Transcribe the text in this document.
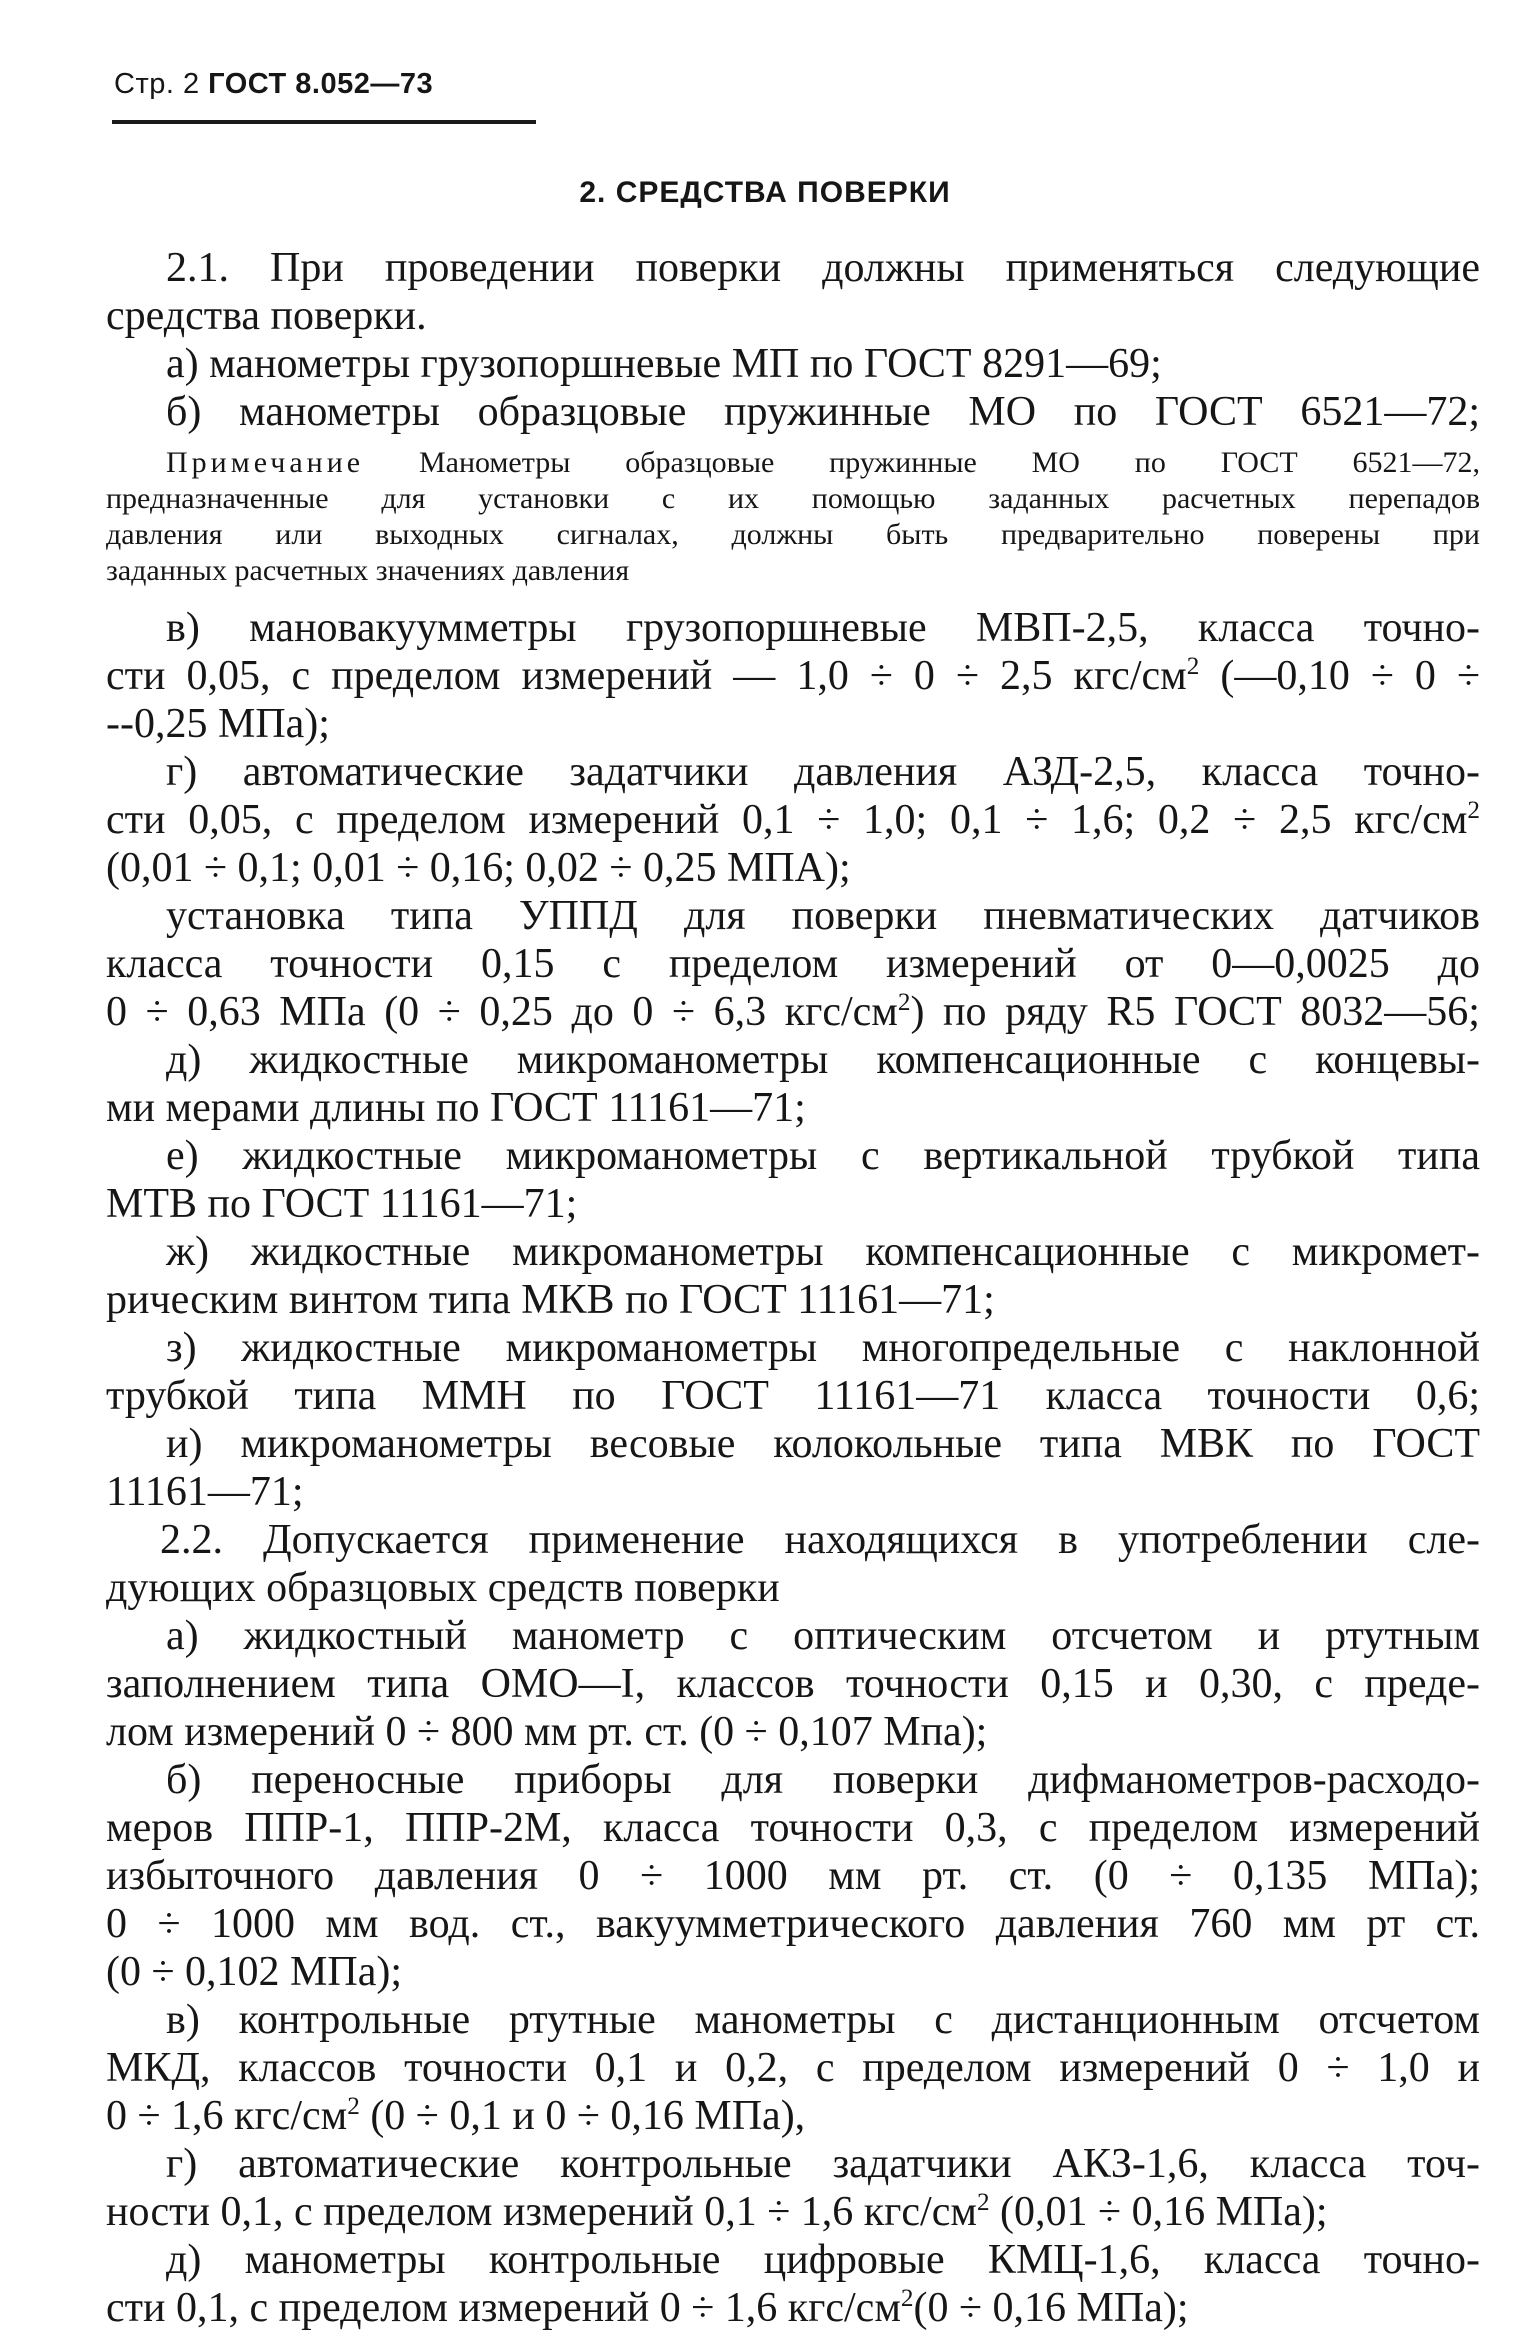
Стр. 2 ГОСТ 8.052—73
2. СРЕДСТВА ПОВЕРКИ

2.1. При проведении поверки должны применяться следующие

средства поверки.

а) манометры грузопоршневые МП по ГОСТ 8291—69;

б) манометры образцовые пружинные МО по ГОСТ 6521—72;

Примечание Манометры образцовые пружинные МО по ГОСТ 6521—72,

предназначенные для установки с их помощью заданных расчетных перепадов

давления или выходных сигналах, должны быть предварительно поверены при

заданных расчетных значениях давления

в) мановакуумметры грузопоршневые МВП-2,5, класса точно-

сти 0,05, с пределом измерений — 1,0 ÷ 0 ÷ 2,5 кгс/$см^2$ (—0,10 ÷ 0 ÷

--0,25 МПа);

г) автоматические задатчики давления АЗД-2,5, класса точно-

сти 0,05, с пределом измерений 0,1 ÷ 1,0; 0,1 ÷ 1,6; 0,2 ÷ 2,5 кгс/$см^2$

(0,01 ÷ 0,1; 0,01 ÷ 0,16; 0,02 ÷ 0,25 МПА);

установка типа УППД для поверки пневматических датчиков

класса точности 0,15 с пределом измерений от 0—0,0025 до

0 ÷ 0,63 МПа (0 ÷ 0,25 до 0 ÷ 6,3 кгс/$см^2$) по ряду R5 ГОСТ 8032—56;

д) жидкостные микроманометры компенсационные с концевы-

ми мерами длины по ГОСТ 11161—71;

е) жидкостные микроманометры с вертикальной трубкой типа

МТВ по ГОСТ 11161—71;

ж) жидкостные микроманометры компенсационные с микромет-

рическим винтом типа МКВ по ГОСТ 11161—71;

з) жидкостные микроманометры многопредельные с наклонной

трубкой типа ММН по ГОСТ 11161—71 класса точности 0,6;

и) микроманометры весовые колокольные типа МВК по ГОСТ

11161—71;

2.2. Допускается применение находящихся в употреблении сле-

дующих образцовых средств поверки

а) жидкостный манометр с оптическим отсчетом и ртутным

заполнением типа ОМО—I, классов точности 0,15 и 0,30, с преде-

лом измерений 0 ÷ 800 мм рт. ст. (0 ÷ 0,107 Мпа);

б) переносные приборы для поверки дифманометров-расходо-

меров ППР-1, ППР-2М, класса точности 0,3, с пределом измерений

избыточного давления 0 ÷ 1000 мм рт. ст. (0 ÷ 0,135 МПа);

0 ÷ 1000 мм вод. ст., вакуумметрического давления 760 мм рт ст.

(0 ÷ 0,102 МПа);

в) контрольные ртутные манометры с дистанционным отсчетом

МКД, классов точности 0,1 и 0,2, с пределом измерений 0 ÷ 1,0 и

0 ÷ 1,6 кгс/$см^2$ (0 ÷ 0,1 и 0 ÷ 0,16 МПа),

г) автоматические контрольные задатчики АКЗ-1,6, класса точ-

ности 0,1, с пределом измерений 0,1 ÷ 1,6 кгс/$см^2$ (0,01 ÷ 0,16 МПа);

д) манометры контрольные цифровые КМЦ-1,6, класса точно-

сти 0,1, с пределом измерений 0 ÷ 1,6 кгс/$см^2(0 \div 0,16$ МПа);
